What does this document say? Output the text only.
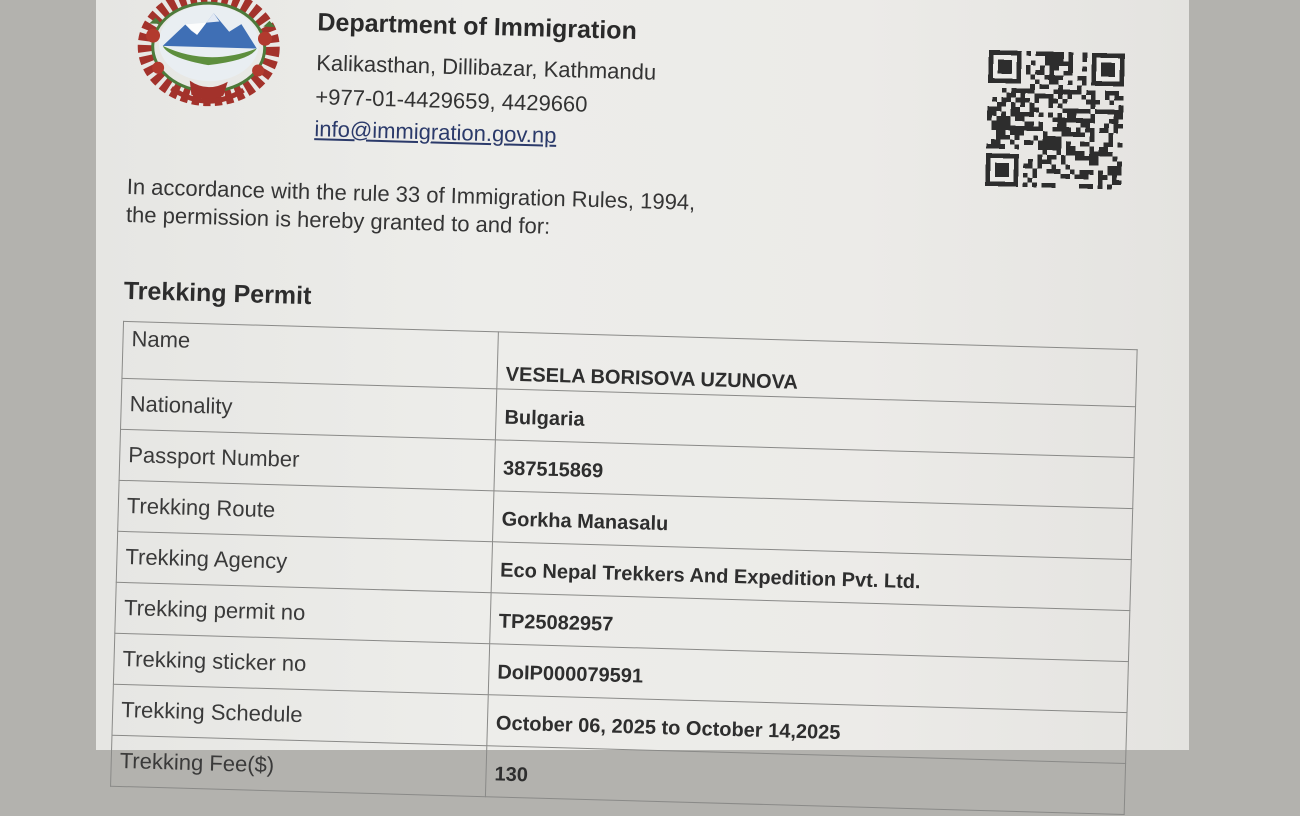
Department of Immigration
Kalikasthan, Dillibazar, Kathmandu
+977-01-4429659, 4429660
info@immigration.gov.np
In accordance with the rule 33 of Immigration Rules, 1994, the permission is hereby granted to and for:
Trekking Permit
Name	VESELA BORISOVA UZUNOVA
Nationality	Bulgaria
Passport Number	387515869
Trekking Route	Gorkha Manasalu
Trekking Agency	Eco Nepal Trekkers And Expedition Pvt. Ltd.
Trekking permit no	TP25082957
Trekking sticker no	DoIP000079591
Trekking Schedule	October 06, 2025 to October 14,2025
Trekking Fee($)	130
